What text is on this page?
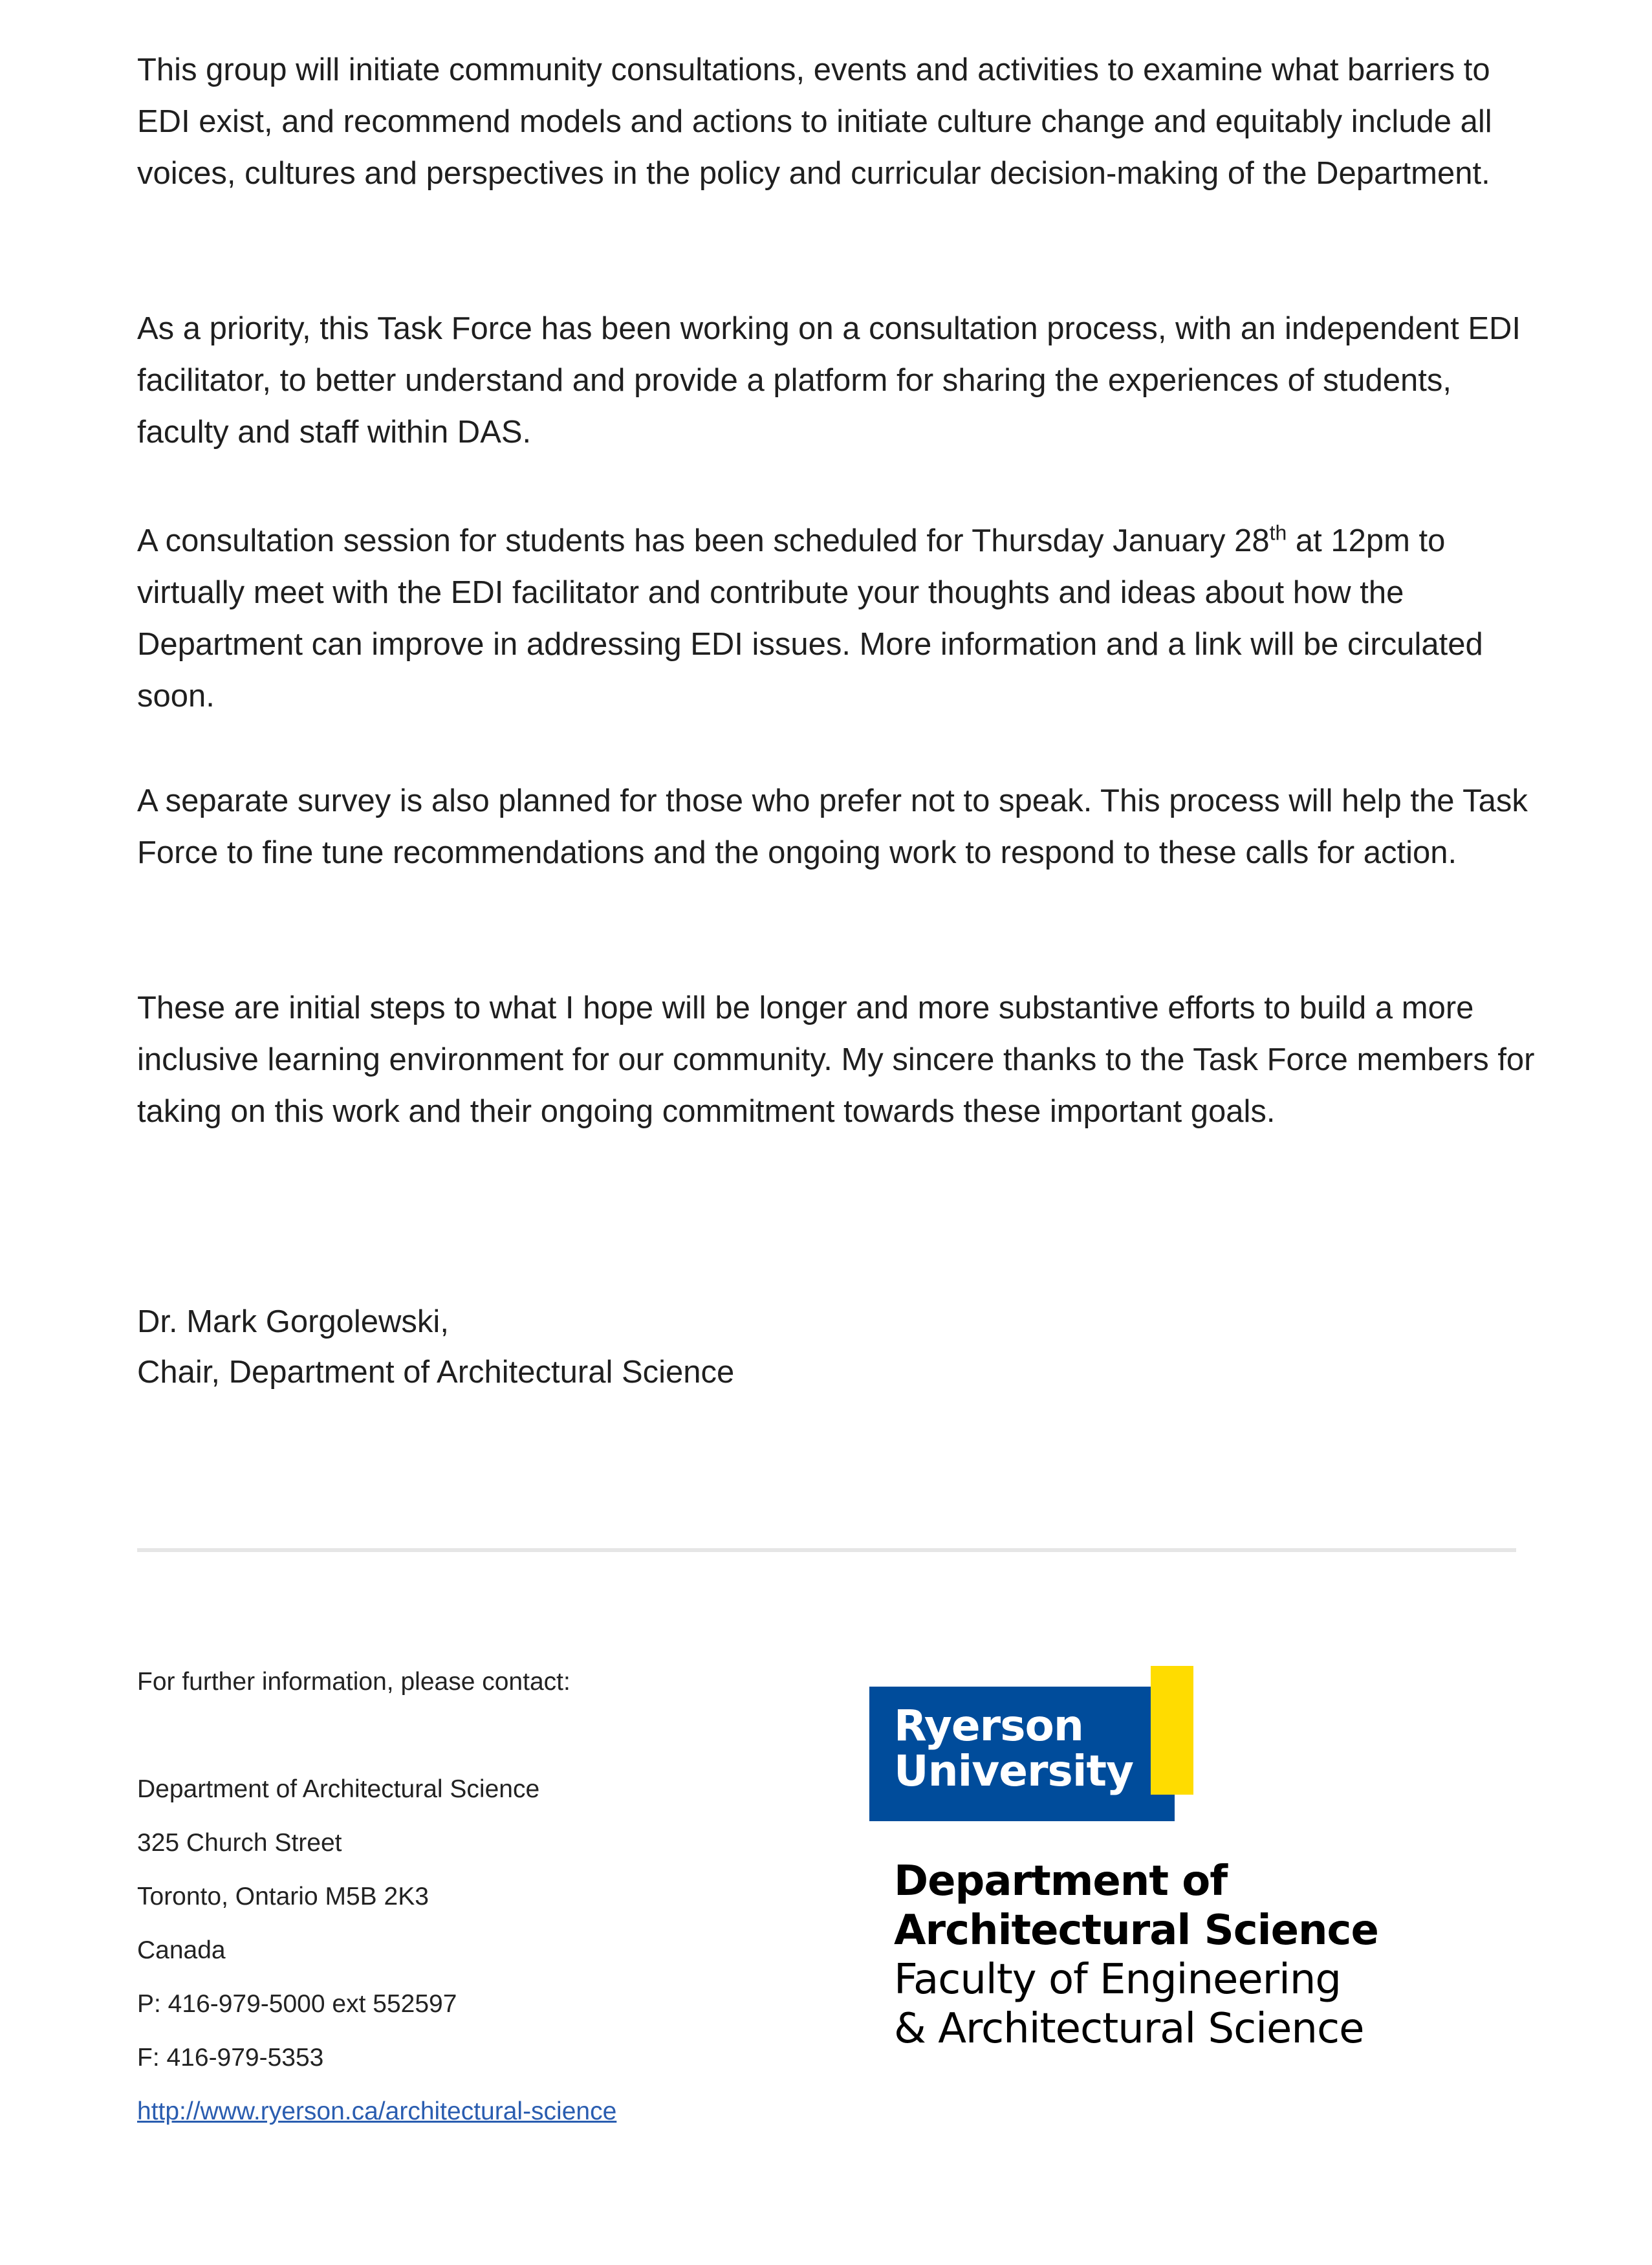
This group will initiate community consultations, events and activities to examine what barriers to EDI exist, and recommend models and actions to initiate culture change and equitably include all voices, cultures and perspectives in the policy and curricular decision-making of the Department.

As a priority, this Task Force has been working on a consultation process, with an independent EDI facilitator, to better understand and provide a platform for sharing the experiences of students, faculty and staff within DAS.

A consultation session for students has been scheduled for Thursday January 28th at 12pm to virtually meet with the EDI facilitator and contribute your thoughts and ideas about how the Department can improve in addressing EDI issues. More information and a link will be circulated soon.

A separate survey is also planned for those who prefer not to speak. This process will help the Task Force to fine tune recommendations and the ongoing work to respond to these calls for action.

These are initial steps to what I hope will be longer and more substantive efforts to build a more inclusive learning environment for our community. My sincere thanks to the Task Force members for taking on this work and their ongoing commitment towards these important goals.

Dr. Mark Gorgolewski,
Chair, Department of Architectural Science
For further information, please contact:
Department of Architectural Science
325 Church Street
Toronto, Ontario M5B 2K3
Canada
P: 416-979-5000 ext 552597
F: 416-979-5353
http://www.ryerson.ca/architectural-science
Ryerson
University
Department of
Architectural Science
Faculty of Engineering
& Architectural Science
